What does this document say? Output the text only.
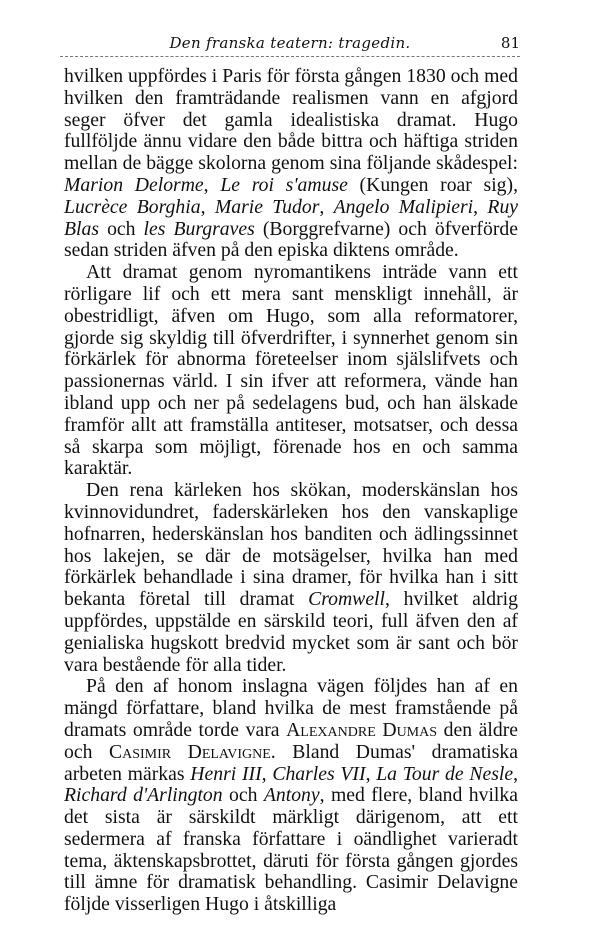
Den franska teatern: tragedin.	81

hvilken uppfördes i Paris för första gången 1830 och med hvilken den framträdande realismen vann en afgjord seger öfver det gamla idealistiska dramat. Hugo fullföljde ännu vidare den både bittra och häftiga striden mellan de bägge skolorna genom sina följande skådespel: Marion Delorme, Le roi s'amuse (Kungen roar sig), Lucrèce Borghia, Marie Tudor, Angelo Malipieri, Ruy Blas och les Burgraves (Borggrefvarne) och öfverförde sedan striden äfven på den episka diktens område.

Att dramat genom nyromantikens inträde vann ett rörligare lif och ett mera sant menskligt innehåll, är obestridligt, äfven om Hugo, som alla reformatorer, gjorde sig skyldig till öfverdrifter, i synnerhet genom sin förkärlek för abnorma företeelser inom själslifvets och passionernas värld. I sin ifver att reformera, vände han ibland upp och ner på sedelagens bud, och han älskade framför allt att framställa antiteser, motsatser, och dessa så skarpa som möjligt, förenade hos en och samma karaktär.

Den rena kärleken hos skökan, moderskänslan hos kvinnovidundret, faderskärleken hos den vanskaplige hofnarren, hederskänslan hos banditen och ädlingssinnet hos lakejen, se där de motsägelser, hvilka han med förkärlek behandlade i sina dramer, för hvilka han i sitt bekanta företal till dramat Cromwell, hvilket aldrig uppfördes, uppstälde en särskild teori, full äfven den af genialiska hugskott bredvid mycket som är sant och bör vara bestående för alla tider.

På den af honom inslagna vägen följdes han af en mängd författare, bland hvilka de mest framstående på dramats område torde vara Alexandre Dumas den äldre och Casimir Delavigne. Bland Dumas' dramatiska arbeten märkas Henri III, Charles VII, La Tour de Nesle, Richard d'Arlington och Antony, med flere, bland hvilka det sista är särskildt märkligt därigenom, att ett sedermera af franska författare i oändlighet varieradt tema, äktenskapsbrottet, däruti för första gången gjordes till ämne för dramatisk behandling. Casimir Delavigne följde visserligen Hugo i åtskilliga
